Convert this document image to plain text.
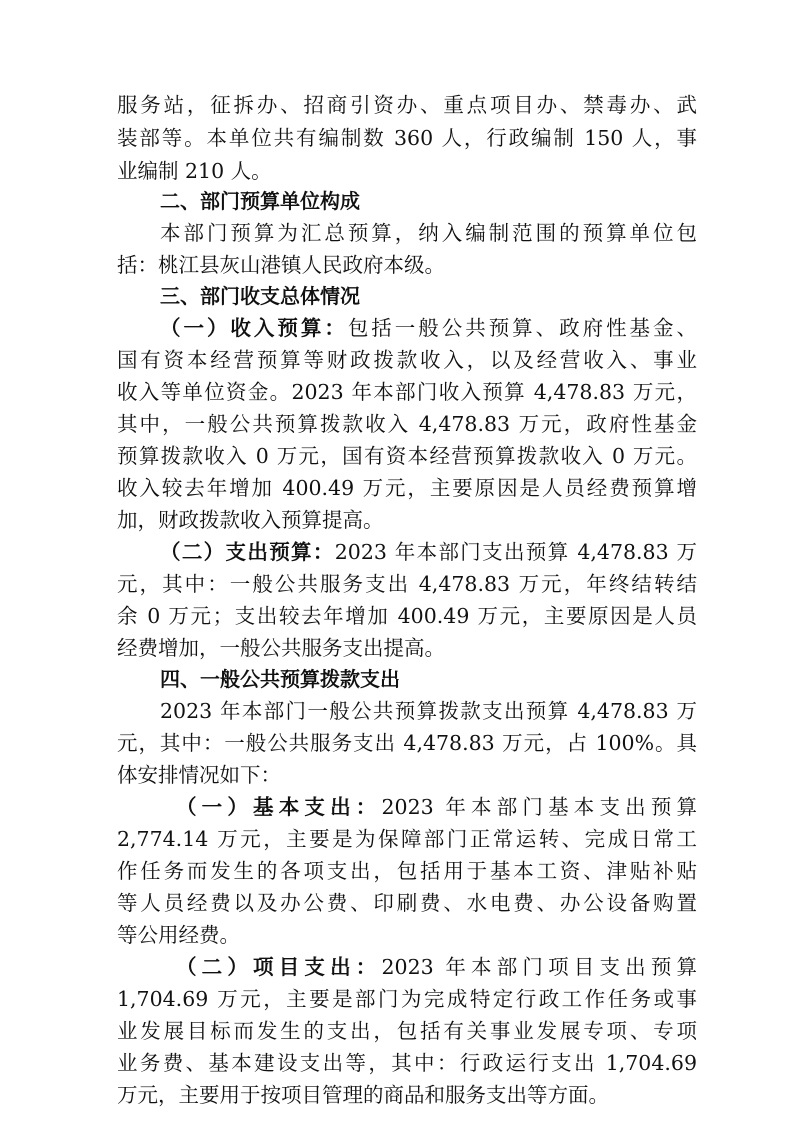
服务站，征拆办、招商引资办、重点项目办、禁毒办、武
装部等。本单位共有编制数 360 人，行政编制 150 人，事
业编制 210 人。
二、部门预算单位构成
本部门预算为汇总预算，纳入编制范围的预算单位包
括：桃江县灰山港镇人民政府本级。
三、部门收支总体情况
（一）收入预算：包括一般公共预算、政府性基金、
国有资本经营预算等财政拨款收入，以及经营收入、事业
收入等单位资金。2023 年本部门收入预算 4,478.83 万元，
其中，一般公共预算拨款收入 4,478.83 万元，政府性基金
预算拨款收入 0 万元，国有资本经营预算拨款收入 0 万元。
收入较去年增加 400.49 万元，主要原因是人员经费预算增
加，财政拨款收入预算提高。
（二）支出预算：2023 年本部门支出预算 4,478.83 万
元，其中：一般公共服务支出 4,478.83 万元，年终结转结
余 0 万元；支出较去年增加 400.49 万元，主要原因是人员
经费增加，一般公共服务支出提高。
四、一般公共预算拨款支出
2023 年本部门一般公共预算拨款支出预算 4,478.83 万
元，其中：一般公共服务支出 4,478.83 万元，占 100%。具
体安排情况如下：
（一）基本支出：2023 年本部门基本支出预算
2,774.14 万元，主要是为保障部门正常运转、完成日常工
作任务而发生的各项支出，包括用于基本工资、津贴补贴
等人员经费以及办公费、印刷费、水电费、办公设备购置
等公用经费。
（二）项目支出：2023 年本部门项目支出预算
1,704.69 万元，主要是部门为完成特定行政工作任务或事
业发展目标而发生的支出，包括有关事业发展专项、专项
业务费、基本建设支出等，其中：行政运行支出 1,704.69
万元，主要用于按项目管理的商品和服务支出等方面。
